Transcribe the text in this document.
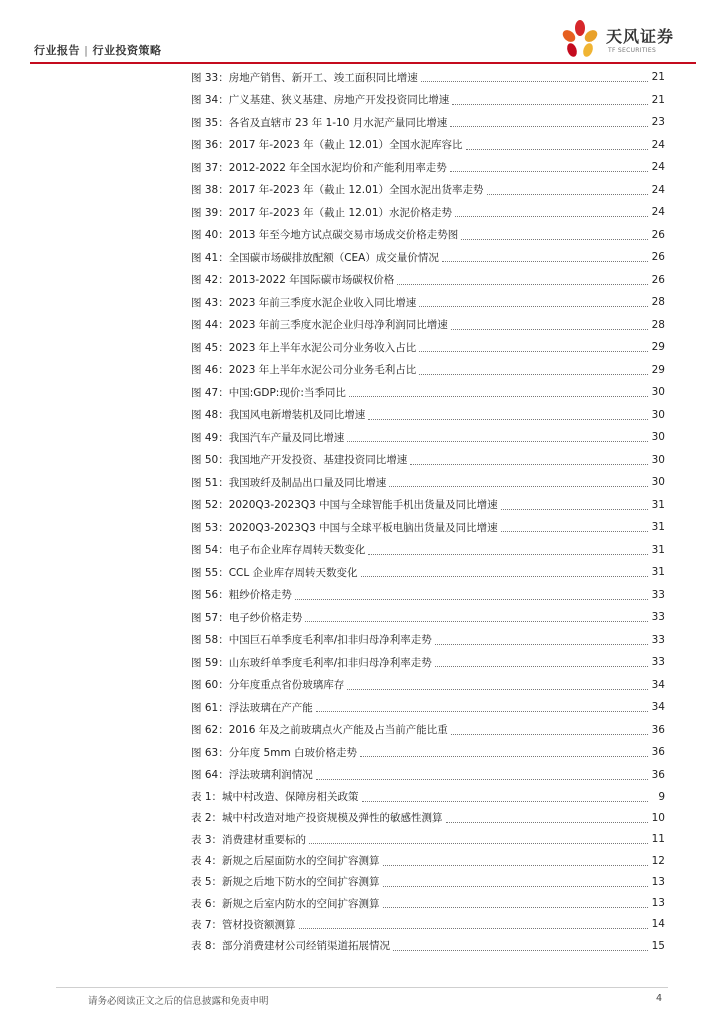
行业报告 | 行业投资策略
天风证券
TF SECURITIES
图 33：房地产销售、新开工、竣工面积同比增速	21
图 34：广义基建、狭义基建、房地产开发投资同比增速	21
图 35：各省及直辖市 23 年 1-10 月水泥产量同比增速	23
图 36：2017 年-2023 年（截止 12.01）全国水泥库容比	24
图 37：2012-2022 年全国水泥均价和产能利用率走势	24
图 38：2017 年-2023 年（截止 12.01）全国水泥出货率走势	24
图 39：2017 年-2023 年（截止 12.01）水泥价格走势	24
图 40：2013 年至今地方试点碳交易市场成交价格走势图	26
图 41：全国碳市场碳排放配额（CEA）成交量价情况	26
图 42：2013-2022 年国际碳市场碳权价格	26
图 43：2023 年前三季度水泥企业收入同比增速	28
图 44：2023 年前三季度水泥企业归母净利润同比增速	28
图 45：2023 年上半年水泥公司分业务收入占比	29
图 46：2023 年上半年水泥公司分业务毛利占比	29
图 47：中国:GDP:现价:当季同比	30
图 48：我国风电新增装机及同比增速	30
图 49：我国汽车产量及同比增速	30
图 50：我国地产开发投资、基建投资同比增速	30
图 51：我国玻纤及制品出口量及同比增速	30
图 52：2020Q3-2023Q3 中国与全球智能手机出货量及同比增速	31
图 53：2020Q3-2023Q3 中国与全球平板电脑出货量及同比增速	31
图 54：电子布企业库存周转天数变化	31
图 55：CCL 企业库存周转天数变化	31
图 56：粗纱价格走势	33
图 57：电子纱价格走势	33
图 58：中国巨石单季度毛利率/扣非归母净利率走势	33
图 59：山东玻纤单季度毛利率/扣非归母净利率走势	33
图 60：分年度重点省份玻璃库存	34
图 61：浮法玻璃在产产能	34
图 62：2016 年及之前玻璃点火产能及占当前产能比重	36
图 63：分年度 5mm 白玻价格走势	36
图 64：浮法玻璃利润情况	36
表 1：城中村改造、保障房相关政策	9
表 2：城中村改造对地产投资规模及弹性的敏感性测算	10
表 3：消费建材重要标的	11
表 4：新规之后屋面防水的空间扩容测算	12
表 5：新规之后地下防水的空间扩容测算	13
表 6：新规之后室内防水的空间扩容测算	13
表 7：管材投资额测算	14
表 8：部分消费建材公司经销渠道拓展情况	15
请务必阅读正文之后的信息披露和免责申明	4
